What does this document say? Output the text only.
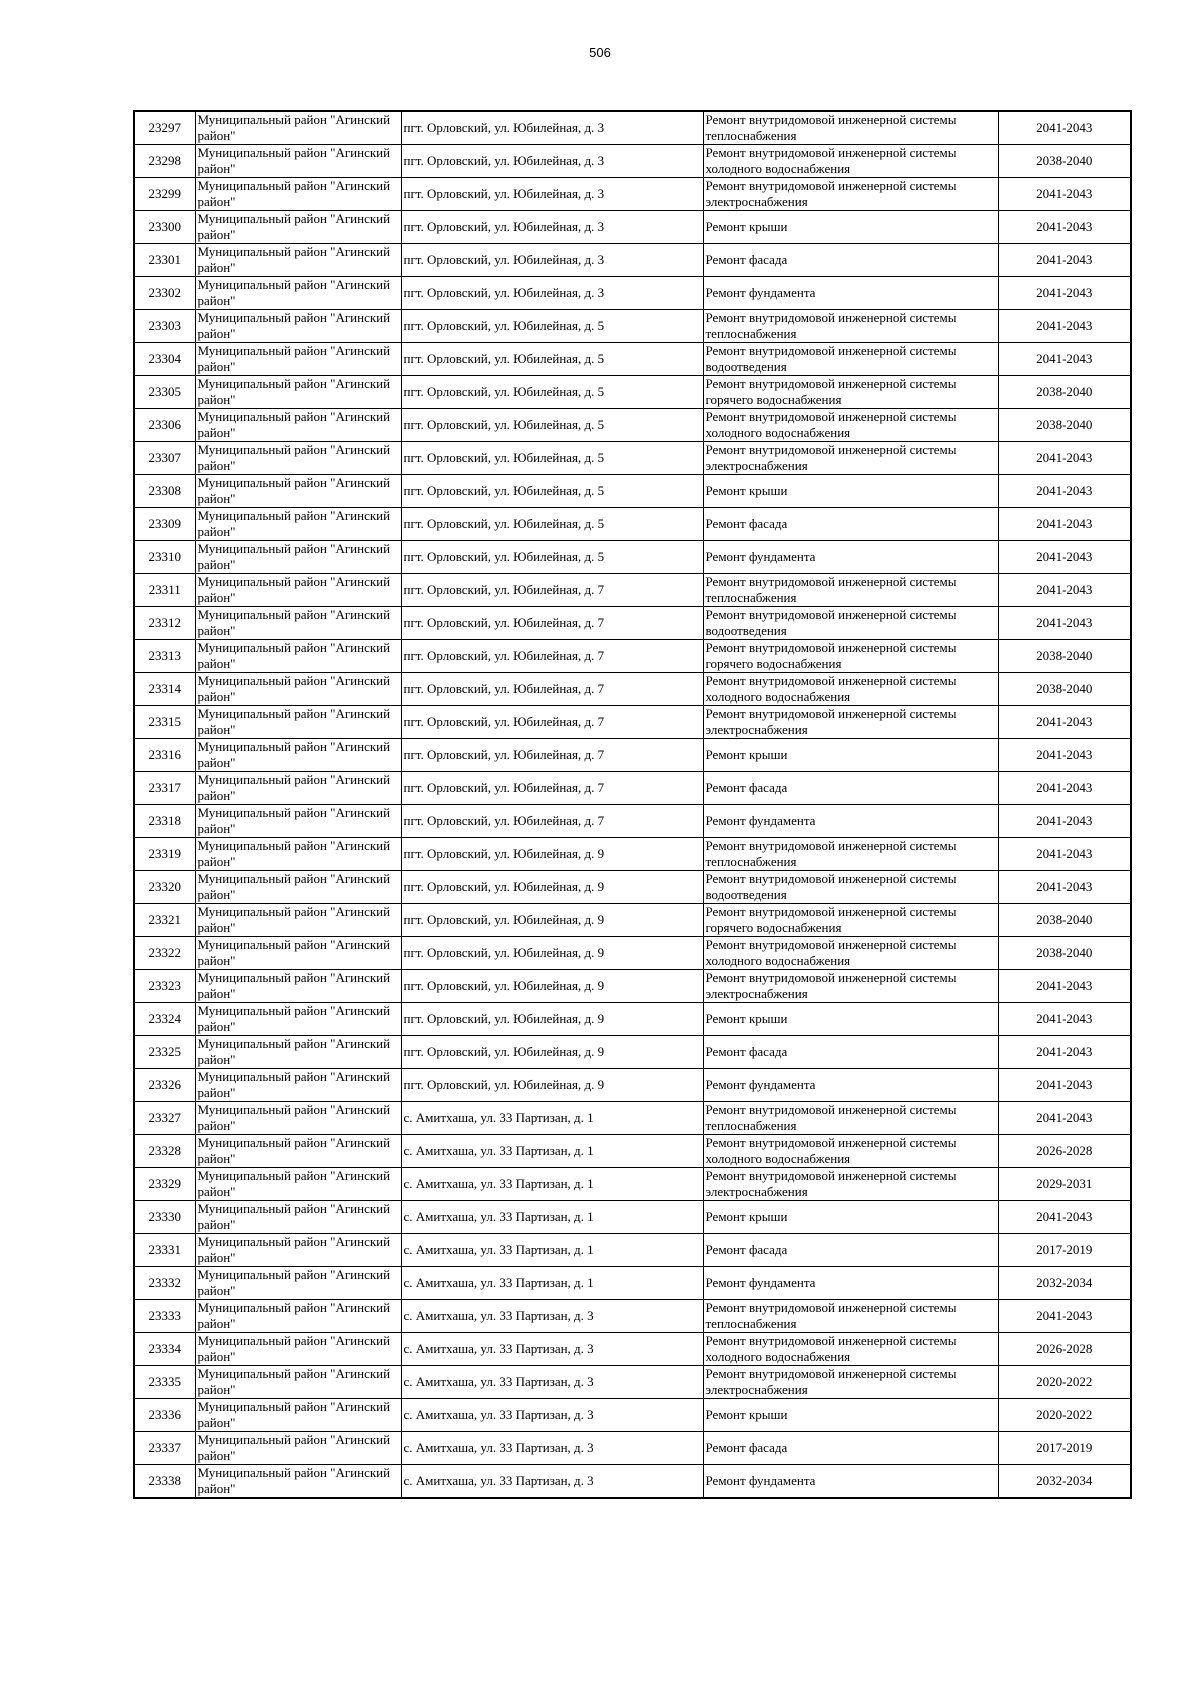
506
23297	Муниципальный район "Агинский район"	пгт. Орловский, ул. Юбилейная, д. 3	Ремонт внутридомовой инженерной системы теплоснабжения	2041-2043
23298	Муниципальный район "Агинский район"	пгт. Орловский, ул. Юбилейная, д. 3	Ремонт внутридомовой инженерной системы холодного водоснабжения	2038-2040
23299	Муниципальный район "Агинский район"	пгт. Орловский, ул. Юбилейная, д. 3	Ремонт внутридомовой инженерной системы электроснабжения	2041-2043
23300	Муниципальный район "Агинский район"	пгт. Орловский, ул. Юбилейная, д. 3	Ремонт крыши	2041-2043
23301	Муниципальный район "Агинский район"	пгт. Орловский, ул. Юбилейная, д. 3	Ремонт фасада	2041-2043
23302	Муниципальный район "Агинский район"	пгт. Орловский, ул. Юбилейная, д. 3	Ремонт фундамента	2041-2043
23303	Муниципальный район "Агинский район"	пгт. Орловский, ул. Юбилейная, д. 5	Ремонт внутридомовой инженерной системы теплоснабжения	2041-2043
23304	Муниципальный район "Агинский район"	пгт. Орловский, ул. Юбилейная, д. 5	Ремонт внутридомовой инженерной системы водоотведения	2041-2043
23305	Муниципальный район "Агинский район"	пгт. Орловский, ул. Юбилейная, д. 5	Ремонт внутридомовой инженерной системы горячего водоснабжения	2038-2040
23306	Муниципальный район "Агинский район"	пгт. Орловский, ул. Юбилейная, д. 5	Ремонт внутридомовой инженерной системы холодного водоснабжения	2038-2040
23307	Муниципальный район "Агинский район"	пгт. Орловский, ул. Юбилейная, д. 5	Ремонт внутридомовой инженерной системы электроснабжения	2041-2043
23308	Муниципальный район "Агинский район"	пгт. Орловский, ул. Юбилейная, д. 5	Ремонт крыши	2041-2043
23309	Муниципальный район "Агинский район"	пгт. Орловский, ул. Юбилейная, д. 5	Ремонт фасада	2041-2043
23310	Муниципальный район "Агинский район"	пгт. Орловский, ул. Юбилейная, д. 5	Ремонт фундамента	2041-2043
23311	Муниципальный район "Агинский район"	пгт. Орловский, ул. Юбилейная, д. 7	Ремонт внутридомовой инженерной системы теплоснабжения	2041-2043
23312	Муниципальный район "Агинский район"	пгт. Орловский, ул. Юбилейная, д. 7	Ремонт внутридомовой инженерной системы водоотведения	2041-2043
23313	Муниципальный район "Агинский район"	пгт. Орловский, ул. Юбилейная, д. 7	Ремонт внутридомовой инженерной системы горячего водоснабжения	2038-2040
23314	Муниципальный район "Агинский район"	пгт. Орловский, ул. Юбилейная, д. 7	Ремонт внутридомовой инженерной системы холодного водоснабжения	2038-2040
23315	Муниципальный район "Агинский район"	пгт. Орловский, ул. Юбилейная, д. 7	Ремонт внутридомовой инженерной системы электроснабжения	2041-2043
23316	Муниципальный район "Агинский район"	пгт. Орловский, ул. Юбилейная, д. 7	Ремонт крыши	2041-2043
23317	Муниципальный район "Агинский район"	пгт. Орловский, ул. Юбилейная, д. 7	Ремонт фасада	2041-2043
23318	Муниципальный район "Агинский район"	пгт. Орловский, ул. Юбилейная, д. 7	Ремонт фундамента	2041-2043
23319	Муниципальный район "Агинский район"	пгт. Орловский, ул. Юбилейная, д. 9	Ремонт внутридомовой инженерной системы теплоснабжения	2041-2043
23320	Муниципальный район "Агинский район"	пгт. Орловский, ул. Юбилейная, д. 9	Ремонт внутридомовой инженерной системы водоотведения	2041-2043
23321	Муниципальный район "Агинский район"	пгт. Орловский, ул. Юбилейная, д. 9	Ремонт внутридомовой инженерной системы горячего водоснабжения	2038-2040
23322	Муниципальный район "Агинский район"	пгт. Орловский, ул. Юбилейная, д. 9	Ремонт внутридомовой инженерной системы холодного водоснабжения	2038-2040
23323	Муниципальный район "Агинский район"	пгт. Орловский, ул. Юбилейная, д. 9	Ремонт внутридомовой инженерной системы электроснабжения	2041-2043
23324	Муниципальный район "Агинский район"	пгт. Орловский, ул. Юбилейная, д. 9	Ремонт крыши	2041-2043
23325	Муниципальный район "Агинский район"	пгт. Орловский, ул. Юбилейная, д. 9	Ремонт фасада	2041-2043
23326	Муниципальный район "Агинский район"	пгт. Орловский, ул. Юбилейная, д. 9	Ремонт фундамента	2041-2043
23327	Муниципальный район "Агинский район"	с. Амитхаша, ул. 33 Партизан, д. 1	Ремонт внутридомовой инженерной системы теплоснабжения	2041-2043
23328	Муниципальный район "Агинский район"	с. Амитхаша, ул. 33 Партизан, д. 1	Ремонт внутридомовой инженерной системы холодного водоснабжения	2026-2028
23329	Муниципальный район "Агинский район"	с. Амитхаша, ул. 33 Партизан, д. 1	Ремонт внутридомовой инженерной системы электроснабжения	2029-2031
23330	Муниципальный район "Агинский район"	с. Амитхаша, ул. 33 Партизан, д. 1	Ремонт крыши	2041-2043
23331	Муниципальный район "Агинский район"	с. Амитхаша, ул. 33 Партизан, д. 1	Ремонт фасада	2017-2019
23332	Муниципальный район "Агинский район"	с. Амитхаша, ул. 33 Партизан, д. 1	Ремонт фундамента	2032-2034
23333	Муниципальный район "Агинский район"	с. Амитхаша, ул. 33 Партизан, д. 3	Ремонт внутридомовой инженерной системы теплоснабжения	2041-2043
23334	Муниципальный район "Агинский район"	с. Амитхаша, ул. 33 Партизан, д. 3	Ремонт внутридомовой инженерной системы холодного водоснабжения	2026-2028
23335	Муниципальный район "Агинский район"	с. Амитхаша, ул. 33 Партизан, д. 3	Ремонт внутридомовой инженерной системы электроснабжения	2020-2022
23336	Муниципальный район "Агинский район"	с. Амитхаша, ул. 33 Партизан, д. 3	Ремонт крыши	2020-2022
23337	Муниципальный район "Агинский район"	с. Амитхаша, ул. 33 Партизан, д. 3	Ремонт фасада	2017-2019
23338	Муниципальный район "Агинский район"	с. Амитхаша, ул. 33 Партизан, д. 3	Ремонт фундамента	2032-2034
